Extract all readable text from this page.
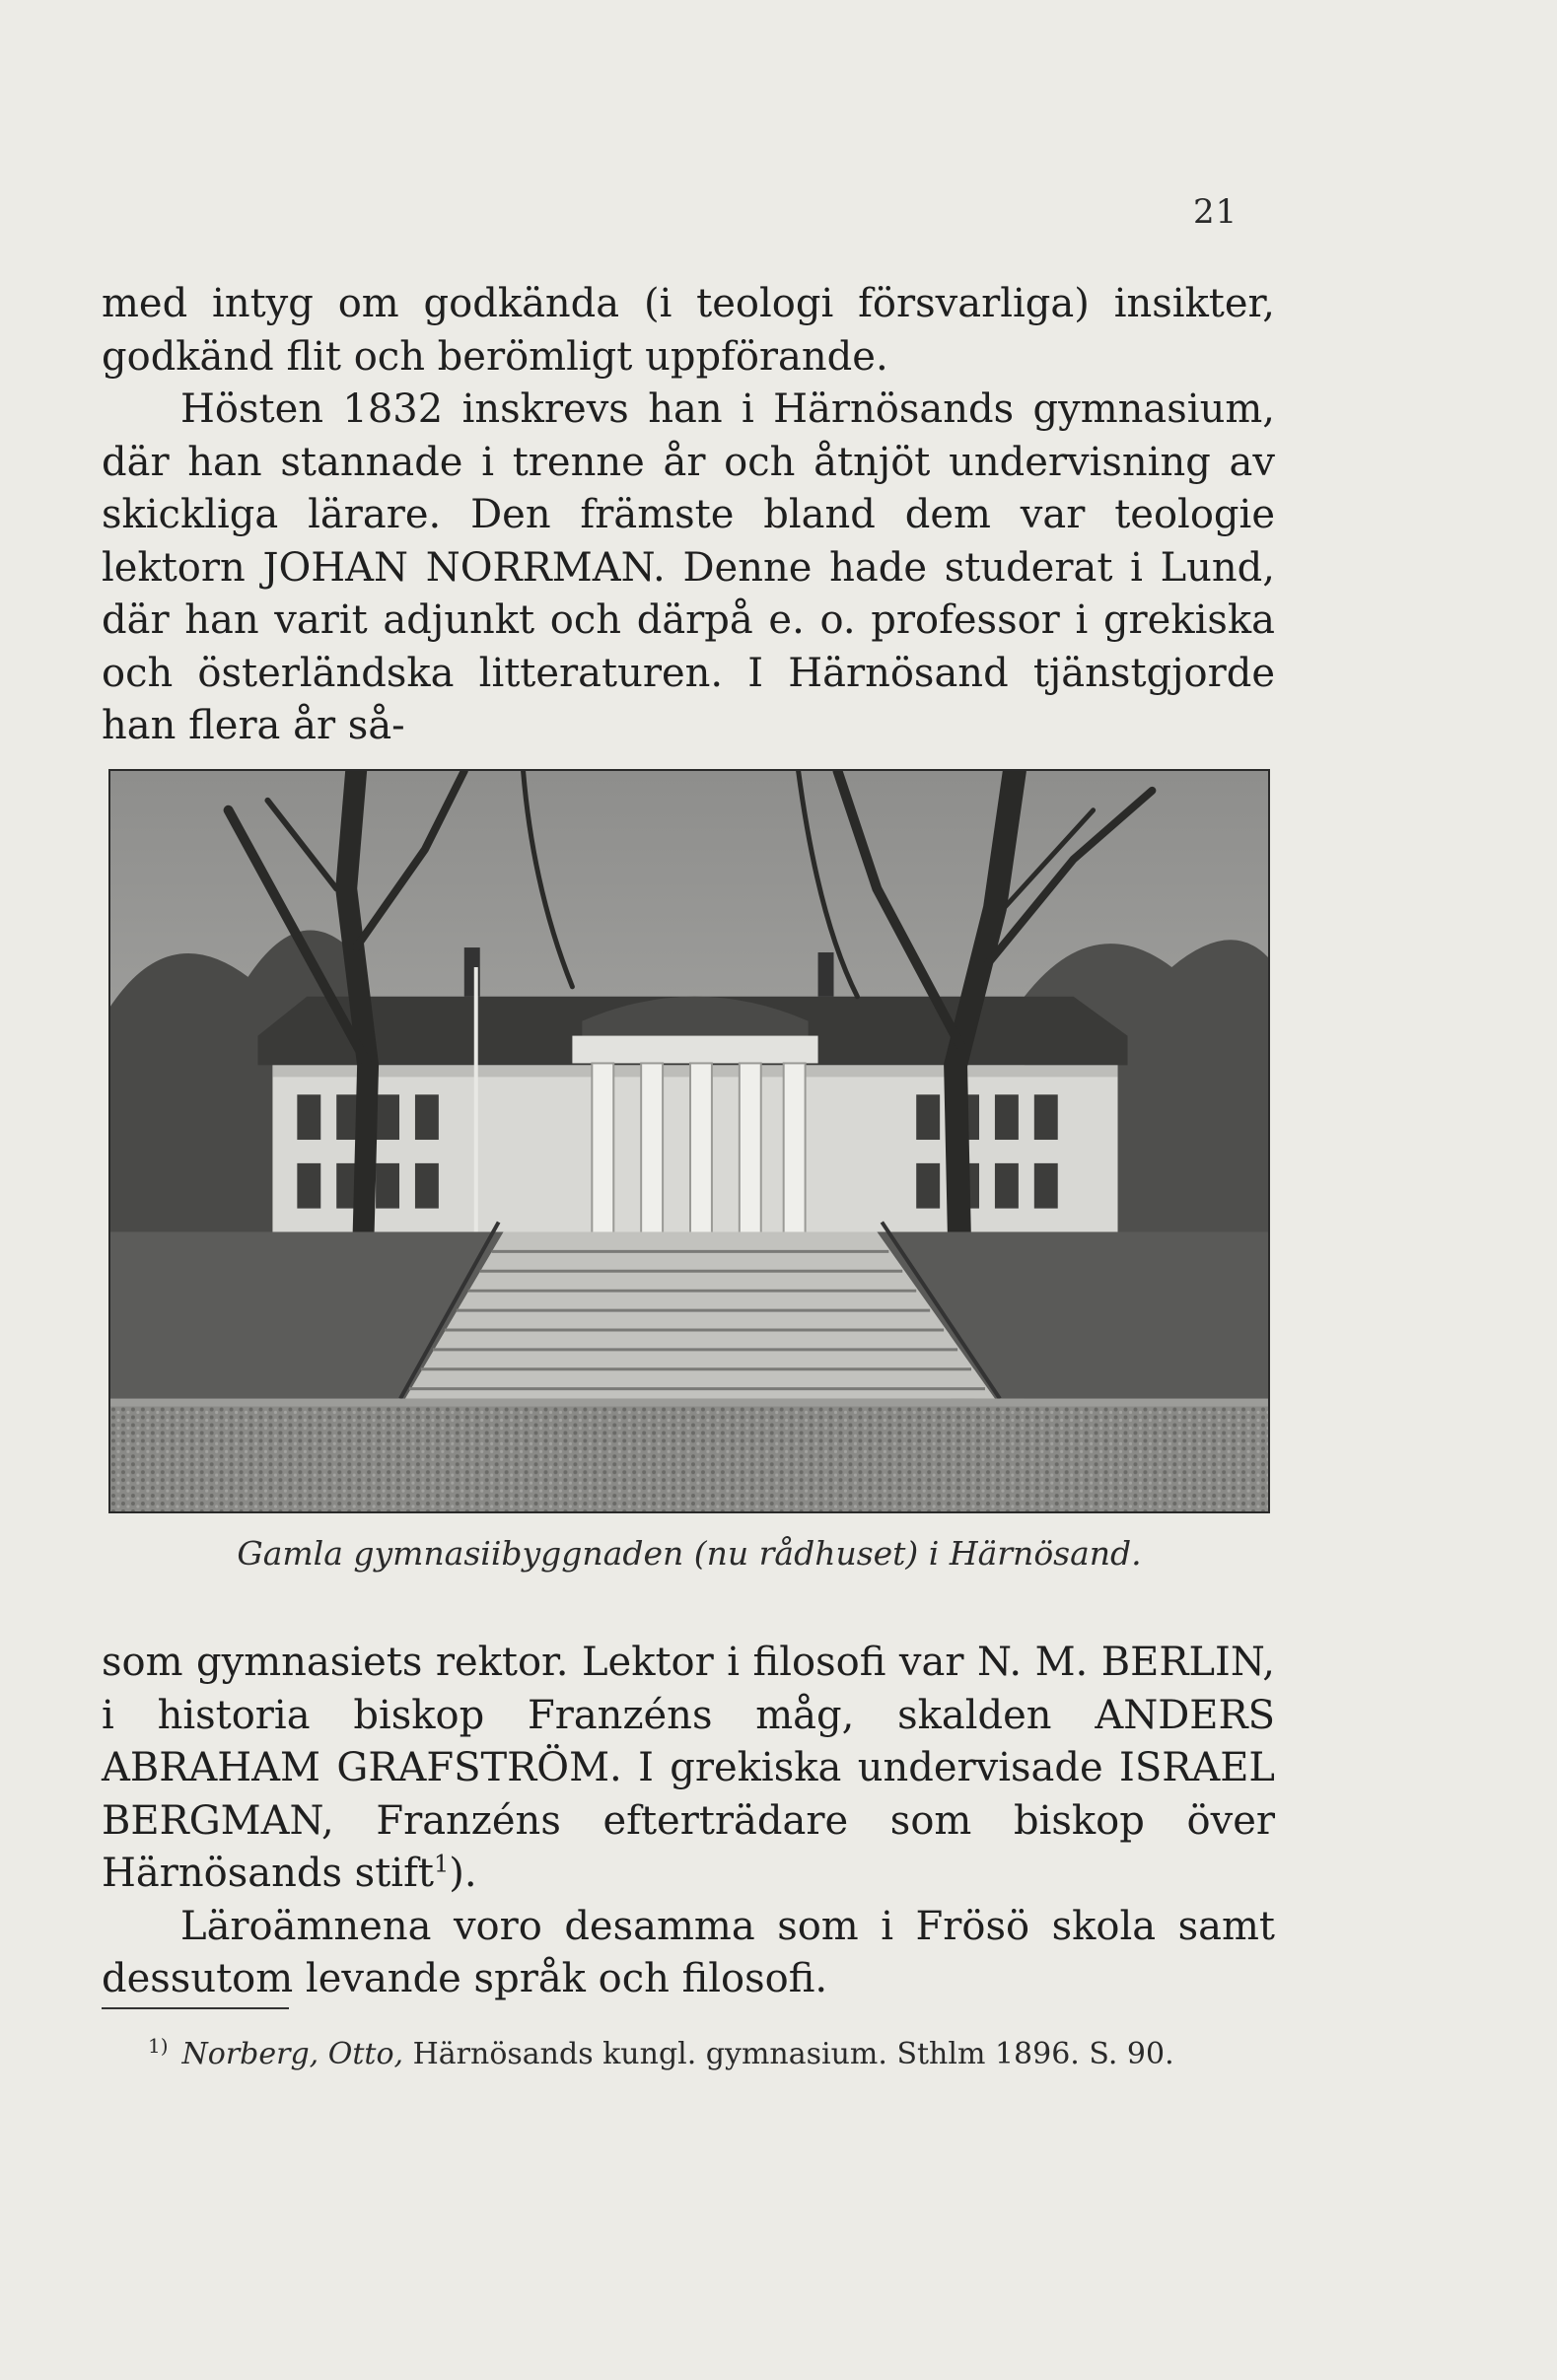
21

med intyg om godkända (i teologi försvarliga) insikter, godkänd flit och berömligt uppförande.

Hösten 1832 inskrevs han i Härnösands gymnasium, där han stannade i trenne år och åtnjöt undervisning av skickliga lärare. Den främste bland dem var teologie lektorn JOHAN NORRMAN. Denne hade studerat i Lund, där han varit adjunkt och därpå e. o. professor i grekiska och österländska litteraturen. I Härnösand tjänstgjorde han flera år så-

Gamla gymnasiibyggnaden (nu rådhuset) i Härnösand.

som gymnasiets rektor. Lektor i filosofi var N. M. BERLIN, i historia biskop Franzéns måg, skalden ANDERS ABRAHAM GRAFSTRÖM. I grekiska undervisade ISRAEL BERGMAN, Franzéns efterträdare som biskop över Härnösands stift$^1$).

Läroämnena voro desamma som i Frösö skola samt dessutom levande språk och filosofi.

$^{1)}$ Norberg, Otto, Härnösands kungl. gymnasium. Sthlm 1896. S. 90.
